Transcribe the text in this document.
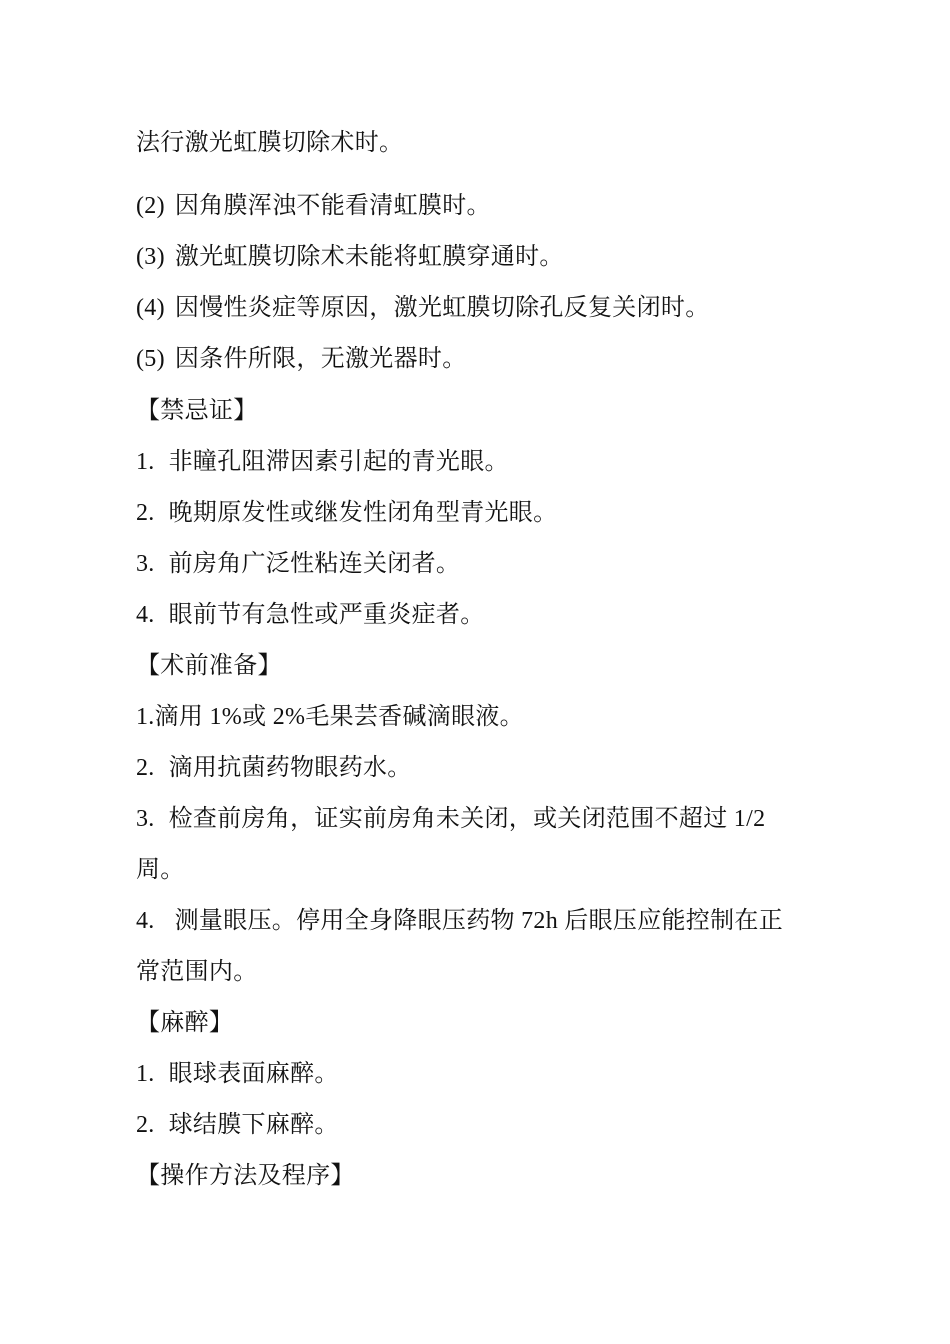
法行激光虹膜切除术时。
(2) 因角膜浑浊不能看清虹膜时。
(3) 激光虹膜切除术未能将虹膜穿通时。
(4) 因慢性炎症等原因，激光虹膜切除孔反复关闭时。
(5) 因条件所限，无激光器时。
【禁忌证】
1. 非瞳孔阻滞因素引起的青光眼。
2. 晚期原发性或继发性闭角型青光眼。
3. 前房角广泛性粘连关闭者。
4. 眼前节有急性或严重炎症者。
【术前准备】
1.滴用 1%或 2%毛果芸香碱滴眼液。
2. 滴用抗菌药物眼药水。
3. 检查前房角，证实前房角未关闭，或关闭范围不超过 1/2
周。
4. 测量眼压。停用全身降眼压药物 72h 后眼压应能控制在正
常范围内。
【麻醉】
1. 眼球表面麻醉。
2. 球结膜下麻醉。
【操作方法及程序】
